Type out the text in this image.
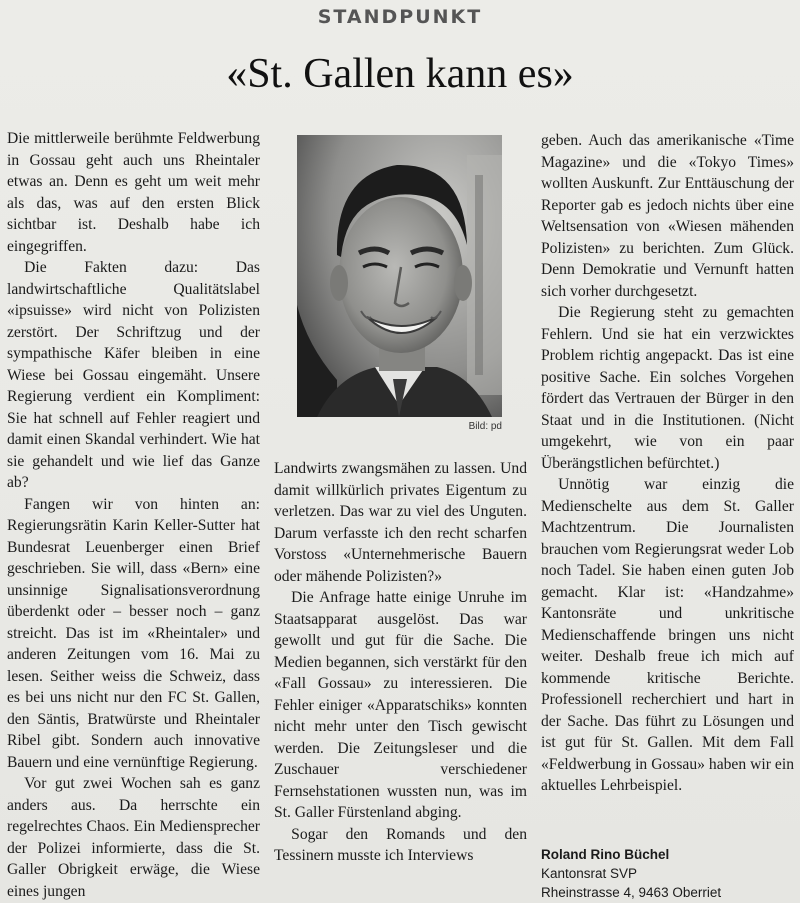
STANDPUNKT
«St. Gallen kann es»

Die mittlerweile berühmte Feldwerbung in Gossau geht auch uns Rheintaler etwas an. Denn es geht um weit mehr als das, was auf den ersten Blick sichtbar ist. Deshalb habe ich eingegriffen.

Die Fakten dazu: Das landwirtschaftliche Qualitätslabel «ipsuisse» wird nicht von Polizisten zerstört. Der Schriftzug und der sympathische Käfer bleiben in eine Wiese bei Gossau eingemäht. Unsere Regierung verdient ein Kompliment: Sie hat schnell auf Fehler reagiert und damit einen Skandal verhindert. Wie hat sie gehandelt und wie lief das Ganze ab?

Fangen wir von hinten an: Regierungsrätin Karin Keller-Sutter hat Bundesrat Leuenberger einen Brief geschrieben. Sie will, dass «Bern» eine unsinnige Signalisationsverordnung überdenkt oder – besser noch – ganz streicht. Das ist im «Rheintaler» und anderen Zeitungen vom 16. Mai zu lesen. Seither weiss die Schweiz, dass es bei uns nicht nur den FC St. Gallen, den Säntis, Bratwürste und Rheintaler Ribel gibt. Sondern auch innovative Bauern und eine vernünftige Regierung.

Vor gut zwei Wochen sah es ganz anders aus. Da herrschte ein regelrechtes Chaos. Ein Mediensprecher der Polizei informierte, dass die St. Galler Obrigkeit erwäge, die Wiese eines jungen

Bild: pd

Landwirts zwangsmähen zu lassen. Und damit willkürlich privates Eigentum zu verletzen. Das war zu viel des Unguten. Darum verfasste ich den recht scharfen Vorstoss «Unternehmerische Bauern oder mähende Polizisten?»

Die Anfrage hatte einige Unruhe im Staatsapparat ausgelöst. Das war gewollt und gut für die Sache. Die Medien begannen, sich verstärkt für den «Fall Gossau» zu interessieren. Die Fehler einiger «Apparatschiks» konnten nicht mehr unter den Tisch gewischt werden. Die Zeitungsleser und die Zuschauer verschiedener Fernsehstationen wussten nun, was im St. Galler Fürstenland abging.

Sogar den Romands und den Tessinern musste ich Interviews

geben. Auch das amerikanische «Time Magazine» und die «Tokyo Times» wollten Auskunft. Zur Enttäuschung der Reporter gab es jedoch nichts über eine Weltsensation von «Wiesen mähenden Polizisten» zu berichten. Zum Glück. Denn Demokratie und Vernunft hatten sich vorher durchgesetzt.

Die Regierung steht zu gemachten Fehlern. Und sie hat ein verzwicktes Problem richtig angepackt. Das ist eine positive Sache. Ein solches Vorgehen fördert das Vertrauen der Bürger in den Staat und in die Institutionen. (Nicht umgekehrt, wie von ein paar Überängstlichen befürchtet.)

Unnötig war einzig die Medienschelte aus dem St. Galler Machtzentrum. Die Journalisten brauchen vom Regierungsrat weder Lob noch Tadel. Sie haben einen guten Job gemacht. Klar ist: «Handzahme» Kantonsräte und unkritische Medienschaffende bringen uns nicht weiter. Deshalb freue ich mich auf kommende kritische Berichte. Professionell recherchiert und hart in der Sache. Das führt zu Lösungen und ist gut für St. Gallen. Mit dem Fall «Feldwerbung in Gossau» haben wir ein aktuelles Lehrbeispiel.

Roland Rino Büchel
Kantonsrat SVP
Rheinstrasse 4, 9463 Oberriet
